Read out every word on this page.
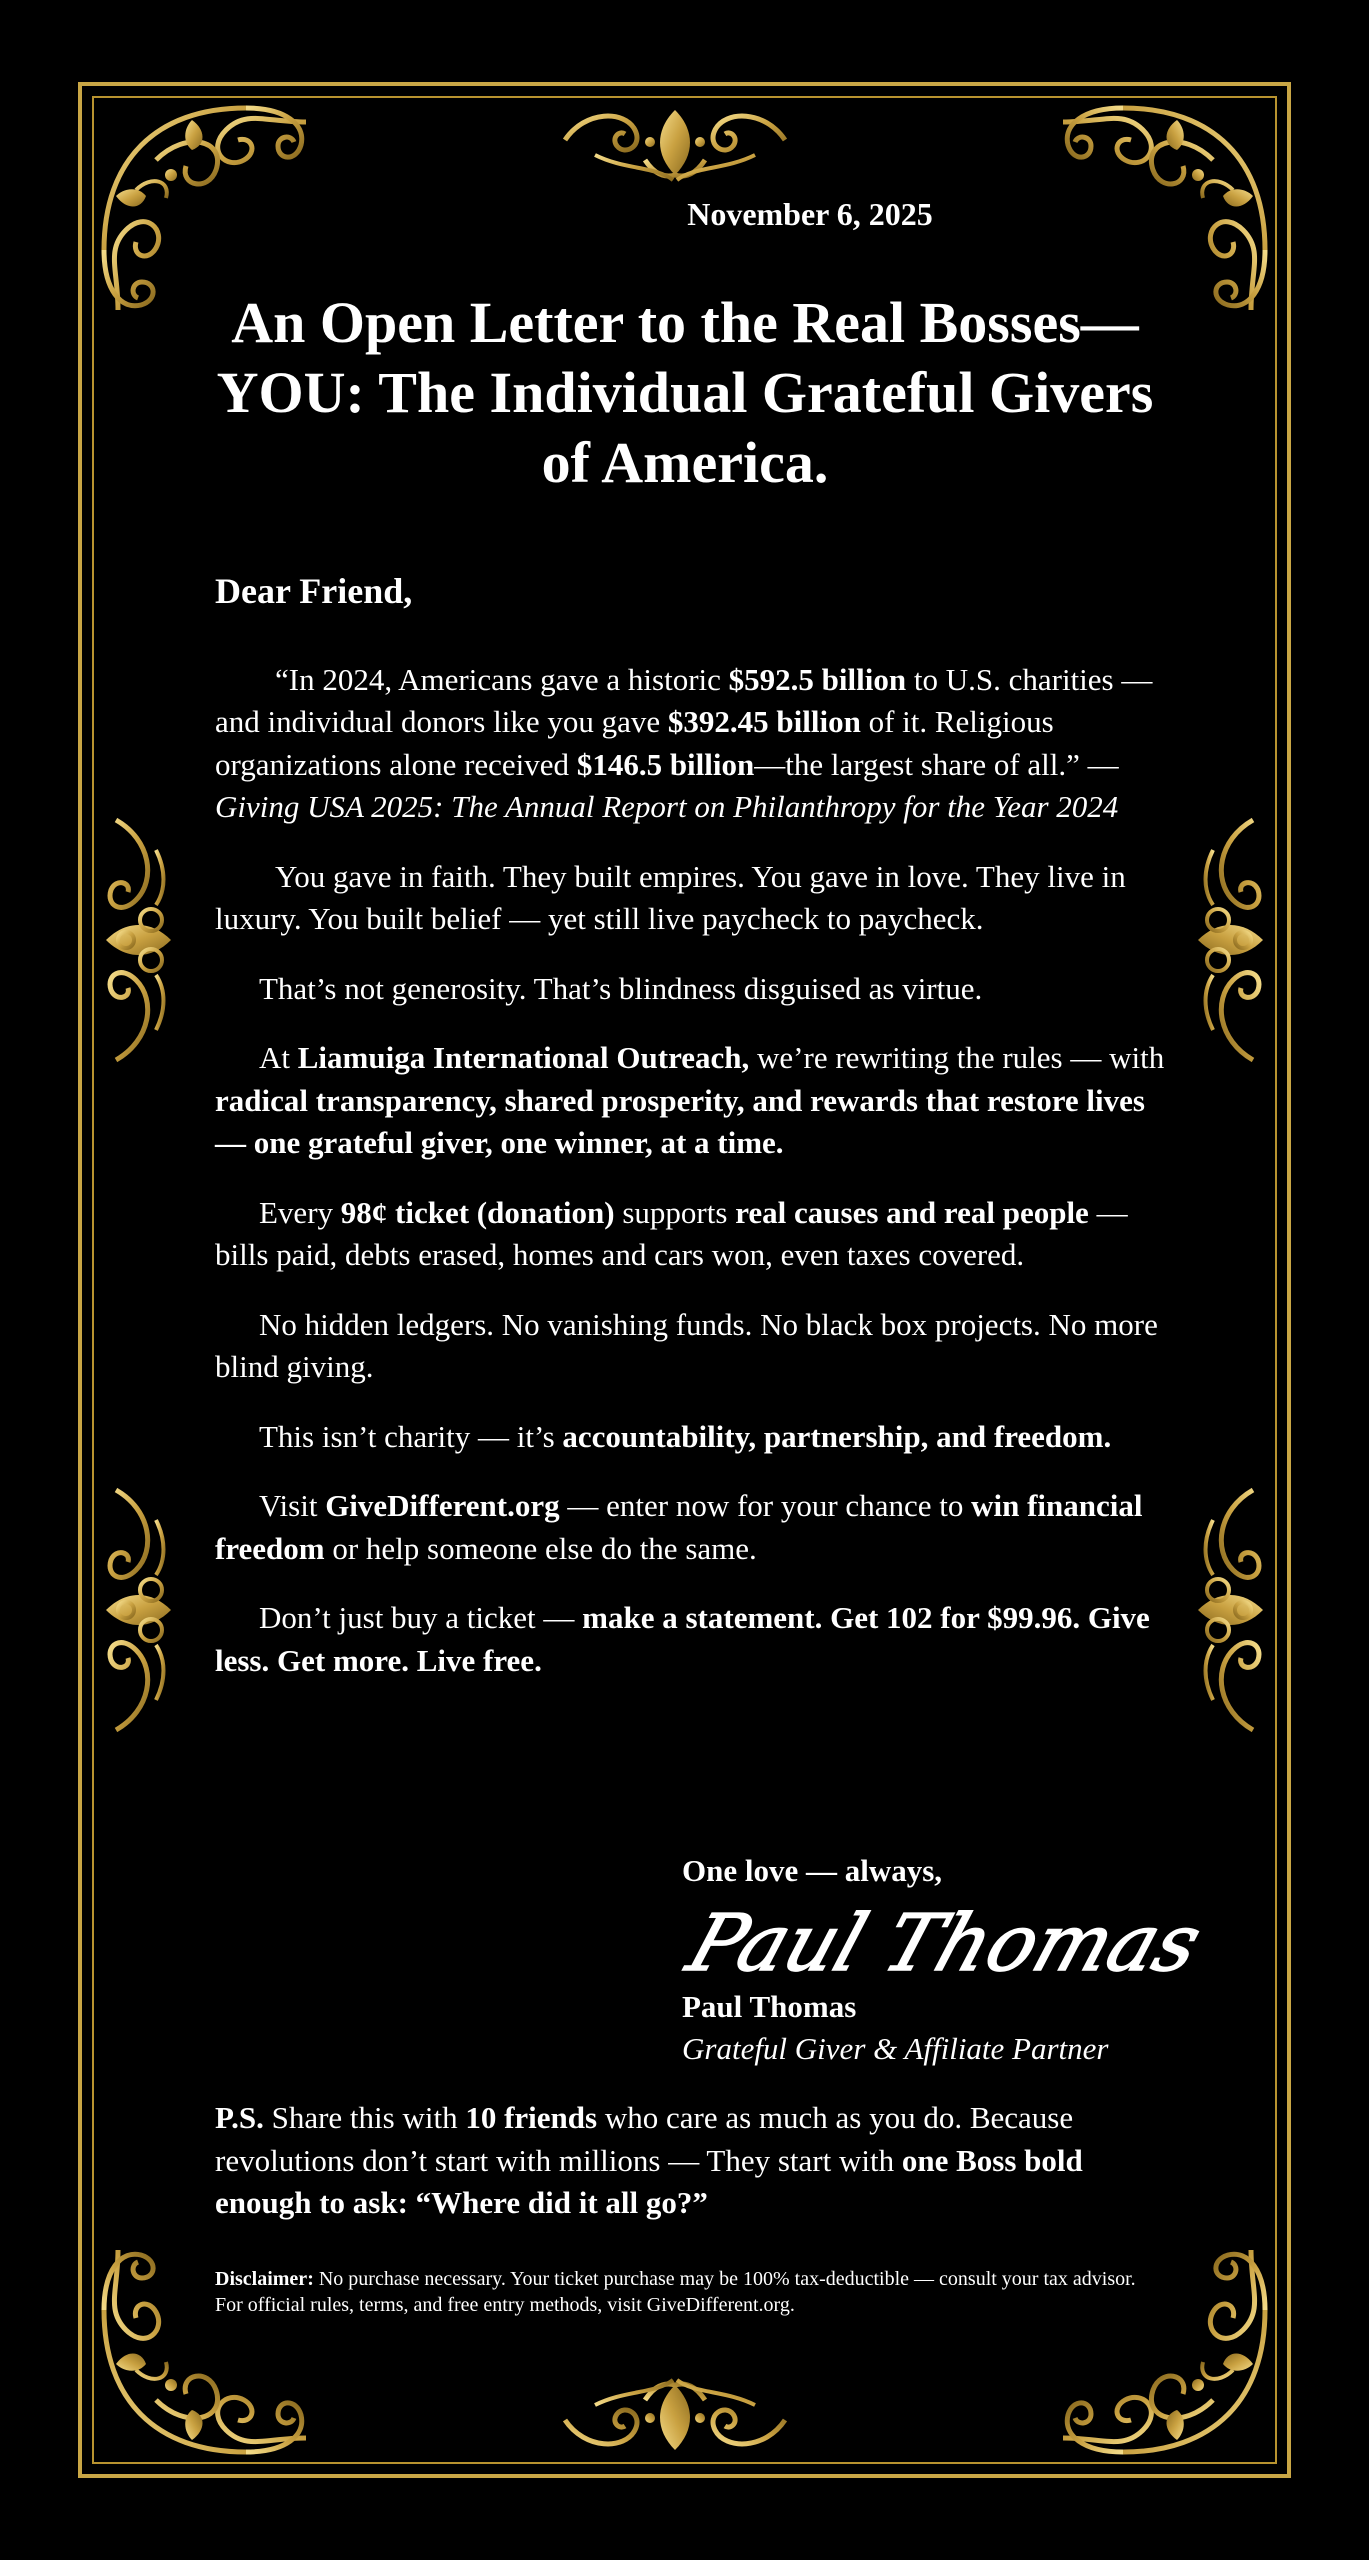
November 6, 2025
An Open Letter to the Real Bosses—YOU: The Individual Grateful Givers of America.

Dear Friend,

“In 2024, Americans gave a historic $592.5 billion to U.S. charities — and individual donors like you gave $392.45 billion of it. Religious organizations alone received $146.5 billion—the largest share of all.” — Giving USA 2025: The Annual Report on Philanthropy for the Year 2024

You gave in faith. They built empires. You gave in love. They live in luxury. You built belief — yet still live paycheck to paycheck.

That’s not generosity. That’s blindness disguised as virtue.

At Liamuiga International Outreach, we’re rewriting the rules — with radical transparency, shared prosperity, and rewards that restore lives — one grateful giver, one winner, at a time.

Every 98¢ ticket (donation) supports real causes and real people — bills paid, debts erased, homes and cars won, even taxes covered.

No hidden ledgers. No vanishing funds. No black box projects. No more blind giving.

This isn’t charity — it’s accountability, partnership, and freedom.

Visit GiveDifferent.org — enter now for your chance to win financial freedom or help someone else do the same.

Don’t just buy a ticket — make a statement. Get 102 for $99.96. Give less. Get more. Live free.

One love — always,
Paul Thomas
Paul Thomas
Grateful Giver & Affiliate Partner
P.S. Share this with 10 friends who care as much as you do. Because revolutions don’t start with millions — They start with one Boss bold enough to ask: “Where did it all go?”
Disclaimer: No purchase necessary. Your ticket purchase may be 100% tax-deductible — consult your tax advisor. For official rules, terms, and free entry methods, visit GiveDifferent.org.
